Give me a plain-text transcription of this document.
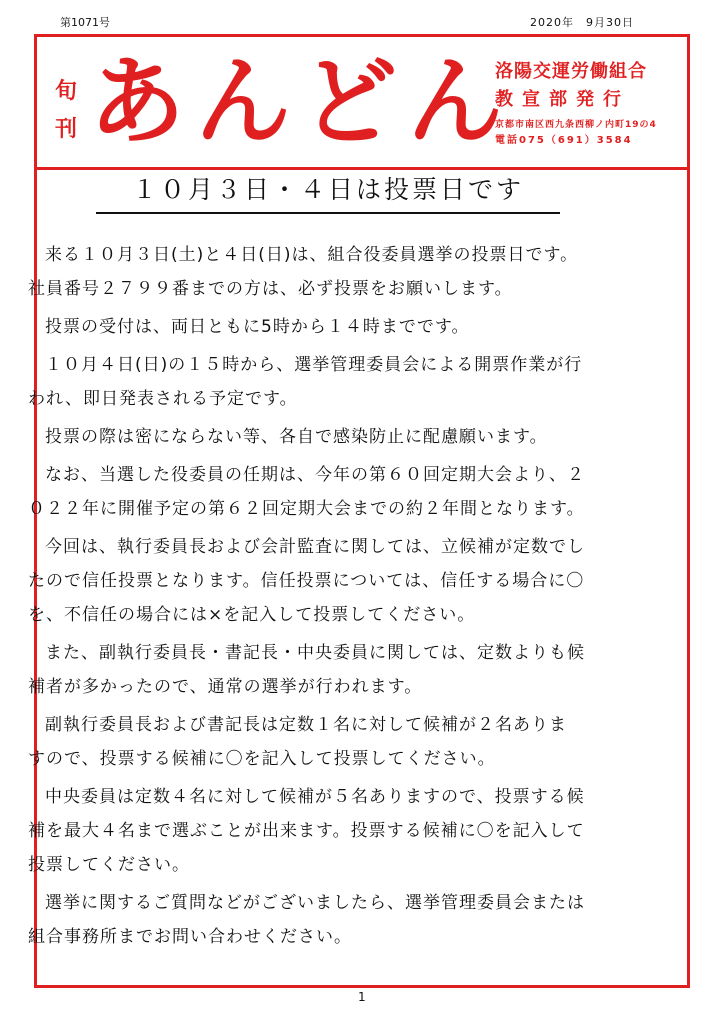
第1071号	2020年　9月30日
旬
刊 あんどん
洛陽交運労働組合
教宣部発行
京都市南区西九条西柳ノ内町19の4
電話075（691）3584
１０月３日・４日は投票日です

来る１０月３日(土)と４日(日)は、組合役委員選挙の投票日です。
社員番号２７９９番までの方は、必ず投票をお願いします。

投票の受付は、両日ともに5時から１４時までです。

１０月４日(日)の１５時から、選挙管理委員会による開票作業が行
われ、即日発表される予定です。

投票の際は密にならない等、各自で感染防止に配慮願います。

なお、当選した役委員の任期は、今年の第６０回定期大会より、２
０２２年に開催予定の第６２回定期大会までの約２年間となります。

今回は、執行委員長および会計監査に関しては、立候補が定数でし
たので信任投票となります。信任投票については、信任する場合に〇
を、不信任の場合には×を記入して投票してください。

また、副執行委員長・書記長・中央委員に関しては、定数よりも候
補者が多かったので、通常の選挙が行われます。

副執行委員長および書記長は定数１名に対して候補が２名ありま
すので、投票する候補に〇を記入して投票してください。

中央委員は定数４名に対して候補が５名ありますので、投票する候
補を最大４名まで選ぶことが出来ます。投票する候補に〇を記入して
投票してください。

選挙に関するご質問などがございましたら、選挙管理委員会または
組合事務所までお問い合わせください。

1
